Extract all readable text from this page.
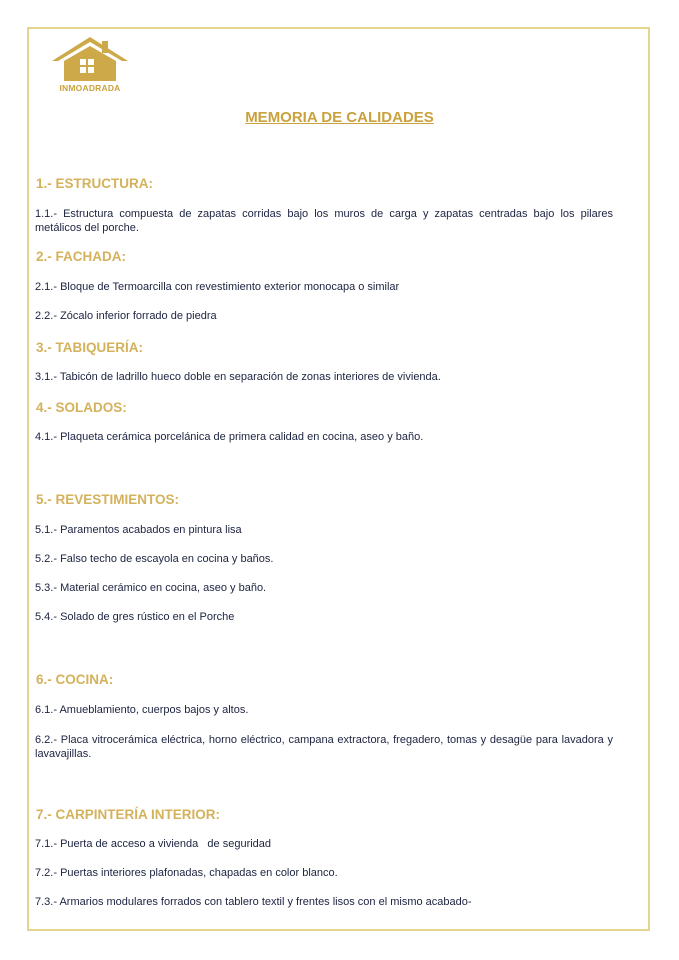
INMOADRADA
MEMORIA DE CALIDADES
1.- ESTRUCTURA:
1.1.- Estructura compuesta de zapatas corridas bajo los muros de carga y zapatas centradas bajo los pilares metálicos del porche.
2.- FACHADA:
2.1.- Bloque de Termoarcilla con revestimiento exterior monocapa o similar
2.2.- Zócalo inferior forrado de piedra
3.- TABIQUERÍA:
3.1.- Tabicón de ladrillo hueco doble en separación de zonas interiores de vivienda.
4.- SOLADOS:
4.1.- Plaqueta cerámica porcelánica de primera calidad en cocina, aseo y baño.
5.- REVESTIMIENTOS:
5.1.- Paramentos acabados en pintura lisa
5.2.- Falso techo de escayola en cocina y baños.
5.3.- Material cerámico en cocina, aseo y baño.
5.4.- Solado de gres rústico en el Porche
6.- COCINA:
6.1.- Amueblamiento, cuerpos bajos y altos.
6.2.- Placa vitrocerámica eléctrica, horno eléctrico, campana extractora, fregadero, tomas y desagüe para lavadora y lavavajillas.
7.- CARPINTERÍA INTERIOR:
7.1.- Puerta de acceso a vivienda   de seguridad
7.2.- Puertas interiores plafonadas, chapadas en color blanco.
7.3.- Armarios modulares forrados con tablero textil y frentes lisos con el mismo acabado-
